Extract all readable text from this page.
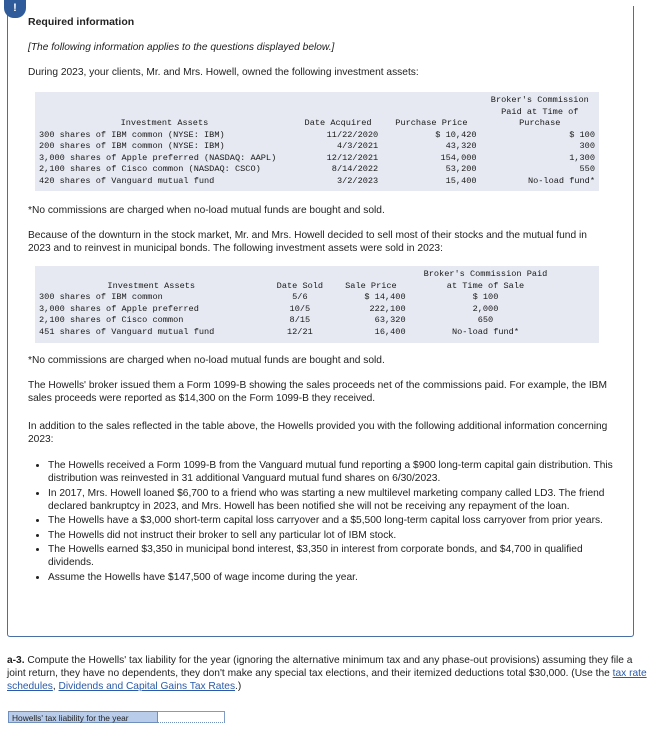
!
Required information

[The following information applies to the questions displayed below.]

During 2023, your clients, Mr. and Mrs. Howell, owned the following investment assets:

Investment Assets	Date Acquired	Purchase Price	Broker's Commission
Paid at Time of
Purchase

300 shares of IBM common (NYSE: IBM)	11/22/2020	$ 10,420	$ 100
200 shares of IBM common (NYSE: IBM)	4/3/2021	43,320	300
3,000 shares of Apple preferred (NASDAQ: AAPL)	12/12/2021	154,000	1,300
2,100 shares of Cisco common (NASDAQ: CSCO)	8/14/2022	53,200	550
420 shares of Vanguard mutual fund	3/2/2023	15,400	No-load fund*

*No commissions are charged when no-load mutual funds are bought and sold.

Because of the downturn in the stock market, Mr. and Mrs. Howell decided to sell most of their stocks and the mutual fund in 2023 and to reinvest in municipal bonds. The following investment assets were sold in 2023:

Investment Assets	Date Sold	Sale Price	Broker's Commission Paid
at Time of Sale	

300 shares of IBM common	5/6	$ 14,400	$ 100	
3,000 shares of Apple preferred	10/5	222,100	2,000	
2,100 shares of Cisco common	8/15	63,320	650	
451 shares of Vanguard mutual fund	12/21	16,400	No-load fund*	

*No commissions are charged when no-load mutual funds are bought and sold.

The Howells' broker issued them a Form 1099-B showing the sales proceeds net of the commissions paid. For example, the IBM sales proceeds were reported as $14,300 on the Form 1099-B they received.

In addition to the sales reflected in the table above, the Howells provided you with the following additional information concerning 2023:

• The Howells received a Form 1099-B from the Vanguard mutual fund reporting a $900 long-term capital gain distribution. This distribution was reinvested in 31 additional Vanguard mutual fund shares on 6/30/2023.
• In 2017, Mrs. Howell loaned $6,700 to a friend who was starting a new multilevel marketing company called LD3. The friend declared bankruptcy in 2023, and Mrs. Howell has been notified she will not be receiving any repayment of the loan.
• The Howells have a $3,000 short-term capital loss carryover and a $5,500 long-term capital loss carryover from prior years.
• The Howells did not instruct their broker to sell any particular lot of IBM stock.
• The Howells earned $3,350 in municipal bond interest, $3,350 in interest from corporate bonds, and $4,700 in qualified dividends.
• Assume the Howells have $147,500 of wage income during the year.

a-3. Compute the Howells' tax liability for the year (ignoring the alternative minimum tax and any phase-out provisions) assuming they file a joint return, they have no dependents, they don't make any special tax elections, and their itemized deductions total $30,000. (Use the tax rate schedules, Dividends and Capital Gains Tax Rates.)

Howells' tax liability for the year
